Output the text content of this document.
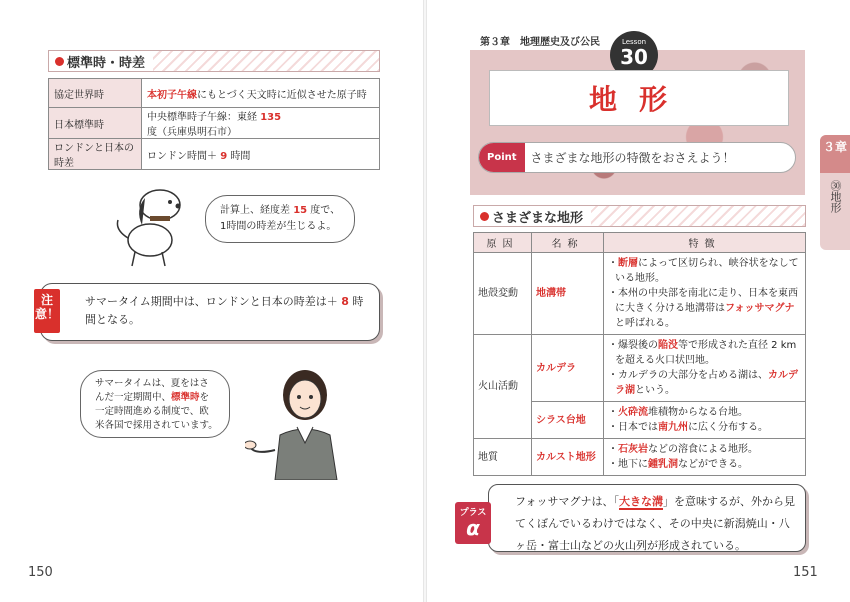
標準時・時差
協定世界時	本初子午線にもとづく天文時に近似させた原子時
日本標準時	中央標準時子午線：東経 135 度（兵庫県明石市）
ロンドンと日本の時差	ロンドン時間＋ 9 時間
計算上、経度差 15 度で、
1時間の時差が生じるよ。
サマータイム期間中は、ロンドンと日本の時差は＋ 8 時間となる。
注意！
サマータイムは、夏をはさ
んだ一定期間中、標準時を
一定時間進める制度で、欧
米各国で採用されています。
150
第３章　地理歴史及び公民	Lesson
30
地形
Point	さまざまな地形の特徴をおさえよう！
３章
㉚地形
さまざまな地形
原因	名称	特徴
地殻変動	地溝帯	・断層によって区切られ、峡谷状をなしている地形。
・本州の中央部を南北に走り、日本を東西に大きく分ける地溝帯はフォッサマグナと呼ばれる。

火山活動	カルデラ	・爆裂後の陥没等で形成された直径 2 km を超える火口状凹地。
・カルデラの大部分を占める湖は、カルデラ湖という。

	シラス台地	・火砕流堆積物からなる台地。
・日本では南九州に広く分布する。

地質	カルスト地形	・石灰岩などの溶食による地形。
・地下に鍾乳洞などができる。
フォッサマグナは、「大きな溝」を意味するが、外から見てくぼんでいるわけではなく、その中央に新潟焼山・八ヶ岳・富士山などの火山列が形成されている。
プラス
α
151
